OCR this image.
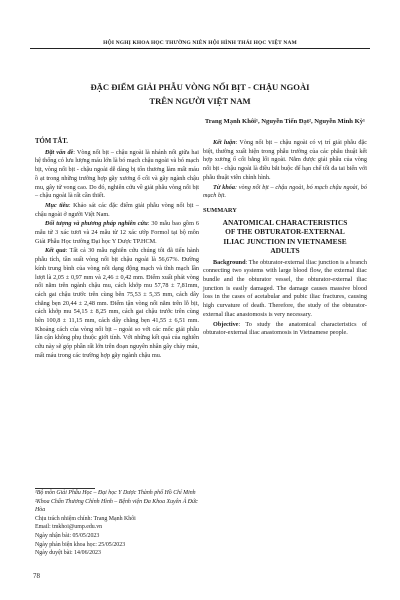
HỘI NGHỊ KHOA HỌC THƯỜNG NIÊN HỘI HÌNH THÁI HỌC VIỆT NAM
ĐẶC ĐIỂM GIẢI PHẪU VÒNG NỐI BỊT - CHẬU NGOÀI
TRÊN NGƯỜI VIỆT NAM
Trang Mạnh Khôi¹, Nguyễn Tiến Đạt², Nguyễn Minh Kỳ¹
TÓM TẮT.

Đặt vấn đề: Vòng nối bịt – chậu ngoài là nhánh nối giữa hai hệ thống có lưu lượng máu lớn là bó mạch chậu ngoài và bó mạch bịt, vòng nối bịt - chậu ngoài dễ dàng bị tổn thương làm mất máu ồ ạt trong những trường hợp gãy xương ổ cối và gãy ngành chậu mu, gây tử vong cao. Do đó, nghiên cứu về giải phẫu vòng nối bịt – chậu ngoài là rất cần thiết.

Mục tiêu: Khảo sát các đặc điểm giải phẫu vòng nối bịt – chậu ngoài ở người Việt Nam.

Đối tượng và phương pháp nghiên cứu: 30 mẫu bao gồm 6 mẫu tử 3 xác tươi và 24 mẫu từ 12 xác ướp Formol tại bộ môn Giải Phẫu Học trường Đại học Y Dược TP.HCM.

Kết quả: Tất cả 30 mẫu nghiên cứu chúng tôi đã tiến hành phẫu tích, tần suất vòng nối bịt chậu ngoài là 56,67%. Đường kính trung bình của vòng nối dạng động mạch và tĩnh mạch lần lượt là 2,05 ± 0,97 mm và 2,46 ± 0,42 mm. Điểm xuất phát vòng nối nằm trên ngành chậu mu, cách khớp mu 57,78 ± 7,81mm, cách gai chậu trước trên cùng bên 75,53 ± 5,35 mm, cách dây chằng bẹn 20,44 ± 2,48 mm. Điểm tận vòng nối nằm trên lỗ bịt, cách khớp mu 54,15 ± 8,25 mm, cách gai chậu trước trên cùng bên 100,8 ± 11,15 mm, cách dây chằng bẹn 41,55 ± 6,51 mm. Khoảng cách của vòng nối bịt – ngoài so với các mốc giải phẫu lân cận không phụ thuộc giới tính. Với những kết quả của nghiên cứu này sẽ góp phần rất lớn trên đoạn nguyên nhân gây chảy máu, mất máu trong các trường hợp gãy ngành chậu mu.

¹Bộ môn Giải Phẫu Học – Đại học Y Dược Thành phố Hồ Chí Minh
²Khoa Chấn Thương Chỉnh Hình – Bệnh viện Đa Khoa Xuyên Á Đức Hòa
Chịu trách nhiệm chính: Trang Mạnh Khôi
Email: tmkhoi@ump.edu.vn
Ngày nhận bài: 05/05/2023
Ngày phản biện khoa học: 25/05/2023
Ngày duyệt bài: 14/06/2023

Kết luận: Vòng nối bịt – chậu ngoài có vị trí giải phẫu đặc biệt, thường xuất hiện trong phẫu trường của các phẫu thuật kết hợp xương ổ cối bằng lối ngoài. Nắm được giải phẫu của vòng nối bịt - chậu ngoài là điều bắt buộc để hạn chế tối đa tai biến với phẫu thuật viên chỉnh hình.

Từ khóa: vòng nối bịt – chậu ngoài, bó mạch chậu ngoài, bó mạch bịt.

SUMMARY
ANATOMICAL CHARACTERISTICS
OF THE OBTURATOR-EXTERNAL
ILIAC JUNCTION IN VIETNAMESE
ADULTS

Background: The obturator-external iliac junction is a branch connecting two systems with large blood flow, the external iliac bundle and the obturator vessel, the obturator-external iliac junction is easily damaged. The damage causes massive blood loss in the cases of acetabular and pubic iliac fractures, causing high curvature of death. Therefore, the study of the obturator-external iliac anastomosis is very necessary.

Objective: To study the anatomical characteristics of obturator-external iliac anastomosis in Vietnamese people.

78
